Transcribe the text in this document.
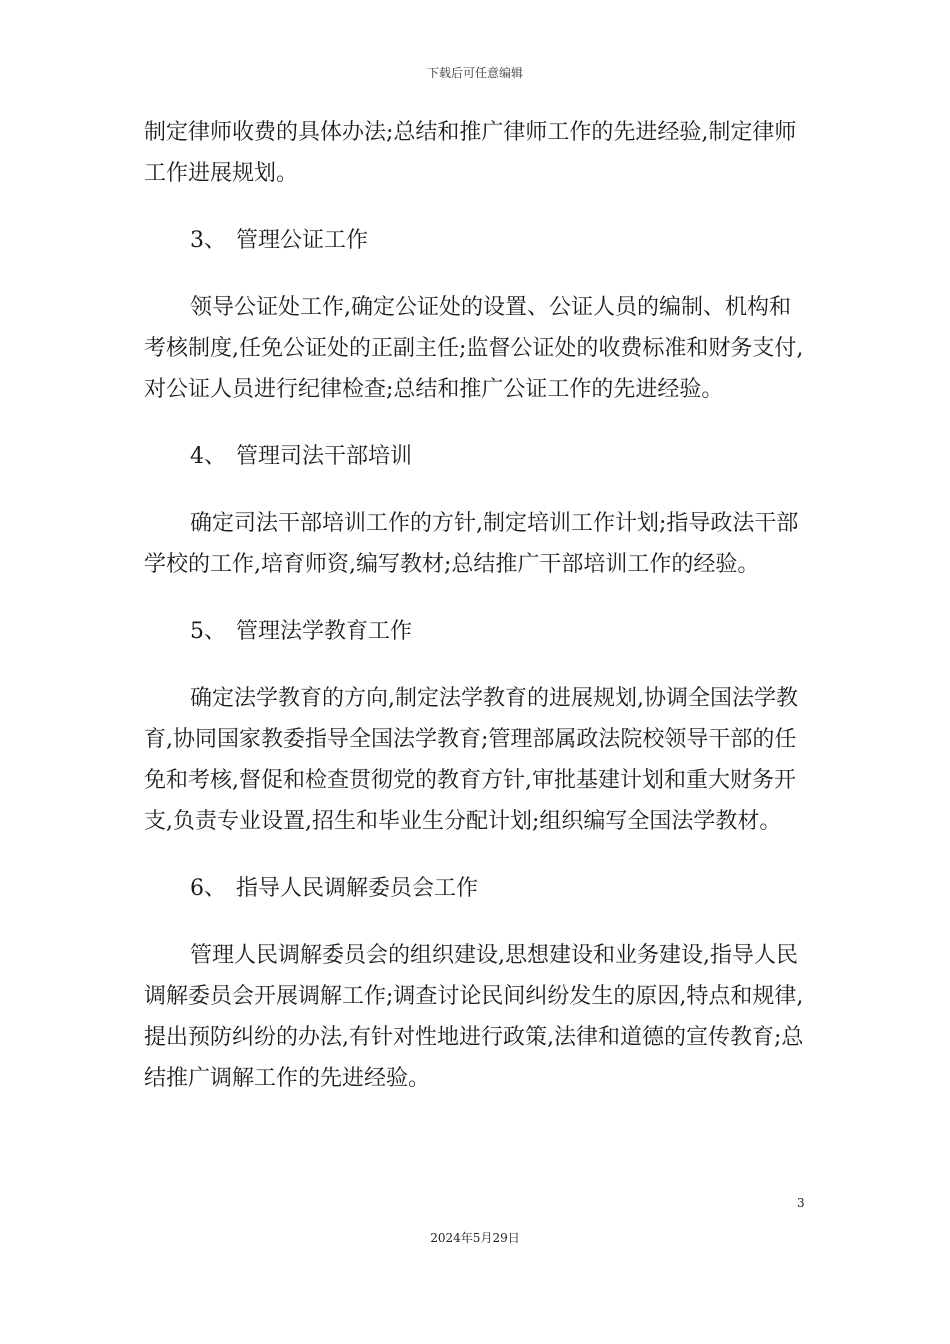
下载后可任意编辑

制定律师收费的具体办法;总结和推广律师工作的先进经验,制定律师工作进展规划。

3、 管理公证工作

领导公证处工作,确定公证处的设置、公证人员的编制、机构和考核制度,任免公证处的正副主任;监督公证处的收费标准和财务支付,对公证人员进行纪律检查;总结和推广公证工作的先进经验。

4、 管理司法干部培训

确定司法干部培训工作的方针,制定培训工作计划;指导政法干部学校的工作,培育师资,编写教材;总结推广干部培训工作的经验。

5、 管理法学教育工作

确定法学教育的方向,制定法学教育的进展规划,协调全国法学教育,协同国家教委指导全国法学教育;管理部属政法院校领导干部的任免和考核,督促和检查贯彻党的教育方针,审批基建计划和重大财务开支,负责专业设置,招生和毕业生分配计划;组织编写全国法学教材。

6、 指导人民调解委员会工作

管理人民调解委员会的组织建设,思想建设和业务建设,指导人民调解委员会开展调解工作;调查讨论民间纠纷发生的原因,特点和规律,提出预防纠纷的办法,有针对性地进行政策,法律和道德的宣传教育;总结推广调解工作的先进经验。

3
2024年5月29日
